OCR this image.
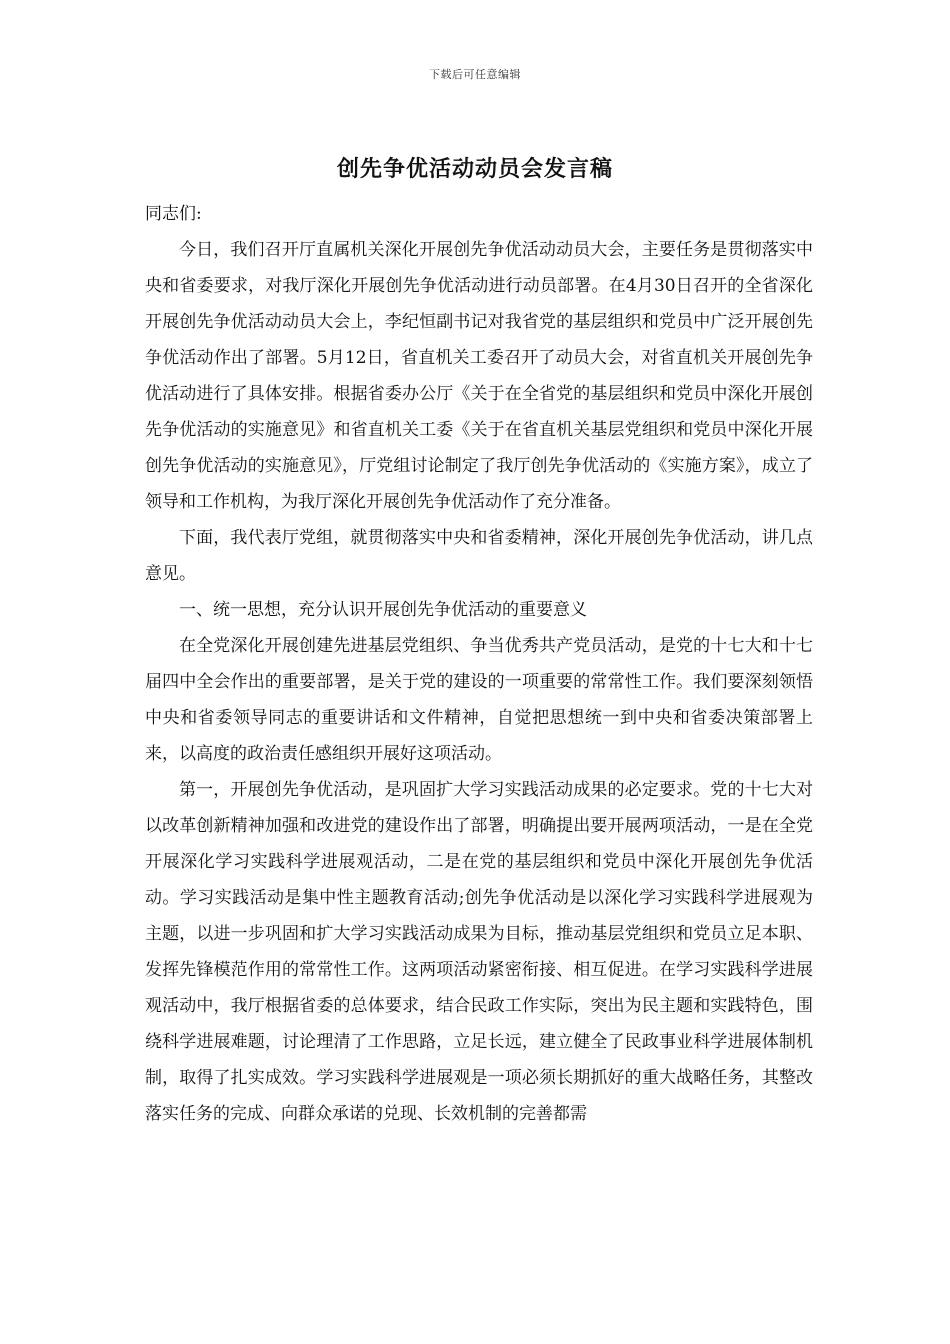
下载后可任意编辑
创先争优活动动员会发言稿

同志们:

今日，我们召开厅直属机关深化开展创先争优活动动员大会，主要任务是贯彻落实中央和省委要求，对我厅深化开展创先争优活动进行动员部署。在4月30日召开的全省深化开展创先争优活动动员大会上，李纪恒副书记对我省党的基层组织和党员中广泛开展创先争优活动作出了部署。5月12日，省直机关工委召开了动员大会，对省直机关开展创先争优活动进行了具体安排。根据省委办公厅《关于在全省党的基层组织和党员中深化开展创先争优活动的实施意见》和省直机关工委《关于在省直机关基层党组织和党员中深化开展创先争优活动的实施意见》，厅党组讨论制定了我厅创先争优活动的《实施方案》，成立了领导和工作机构，为我厅深化开展创先争优活动作了充分准备。

下面，我代表厅党组，就贯彻落实中央和省委精神，深化开展创先争优活动，讲几点意见。

一、统一思想，充分认识开展创先争优活动的重要意义

在全党深化开展创建先进基层党组织、争当优秀共产党员活动，是党的十七大和十七届四中全会作出的重要部署，是关于党的建设的一项重要的常常性工作。我们要深刻领悟中央和省委领导同志的重要讲话和文件精神，自觉把思想统一到中央和省委决策部署上来，以高度的政治责任感组织开展好这项活动。

第一，开展创先争优活动，是巩固扩大学习实践活动成果的必定要求。党的十七大对以改革创新精神加强和改进党的建设作出了部署，明确提出要开展两项活动，一是在全党开展深化学习实践科学进展观活动，二是在党的基层组织和党员中深化开展创先争优活动。学习实践活动是集中性主题教育活动;创先争优活动是以深化学习实践科学进展观为主题，以进一步巩固和扩大学习实践活动成果为目标，推动基层党组织和党员立足本职、发挥先锋模范作用的常常性工作。这两项活动紧密衔接、相互促进。在学习实践科学进展观活动中，我厅根据省委的总体要求，结合民政工作实际，突出为民主题和实践特色，围绕科学进展难题，讨论理清了工作思路，立足长远，建立健全了民政事业科学进展体制机制，取得了扎实成效。学习实践科学进展观是一项必须长期抓好的重大战略任务，其整改落实任务的完成、向群众承诺的兑现、长效机制的完善都需
